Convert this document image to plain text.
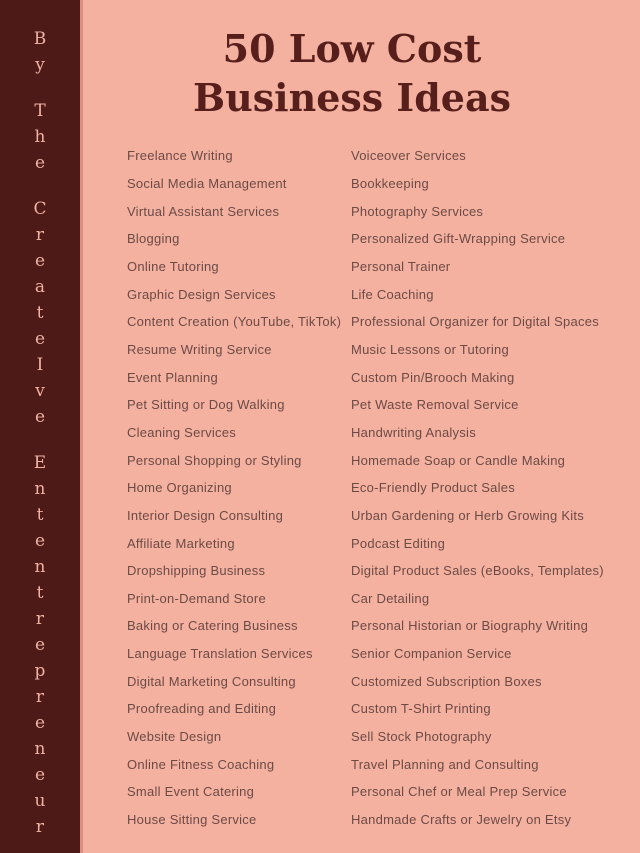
By
The
CreateIve
Ententrepreneur
50 Low Cost
Business Ideas
Freelance Writing
Social Media Management
Virtual Assistant Services
Blogging
Online Tutoring
Graphic Design Services
Content Creation (YouTube, TikTok)
Resume Writing Service
Event Planning
Pet Sitting or Dog Walking
Cleaning Services
Personal Shopping or Styling
Home Organizing
Interior Design Consulting
Affiliate Marketing
Dropshipping Business
Print-on-Demand Store
Baking or Catering Business
Language Translation Services
Digital Marketing Consulting
Proofreading and Editing
Website Design
Online Fitness Coaching
Small Event Catering
House Sitting Service
Voiceover Services
Bookkeeping
Photography Services
Personalized Gift-Wrapping Service
Personal Trainer
Life Coaching
Professional Organizer for Digital Spaces
Music Lessons or Tutoring
Custom Pin/Brooch Making
Pet Waste Removal Service
Handwriting Analysis
Homemade Soap or Candle Making
Eco-Friendly Product Sales
Urban Gardening or Herb Growing Kits
Podcast Editing
Digital Product Sales (eBooks, Templates)
Car Detailing
Personal Historian or Biography Writing
Senior Companion Service
Customized Subscription Boxes
Custom T-Shirt Printing
Sell Stock Photography
Travel Planning and Consulting
Personal Chef or Meal Prep Service
Handmade Crafts or Jewelry on Etsy
